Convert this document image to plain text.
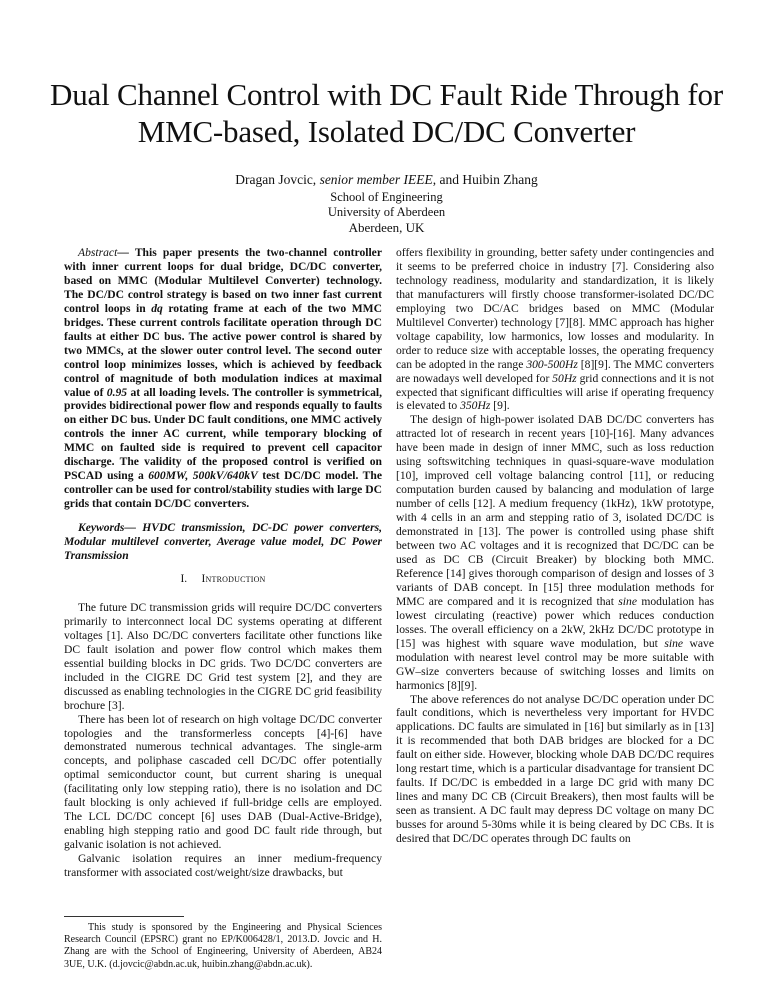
Dual Channel Control with DC Fault Ride Through for MMC-based, Isolated DC/DC Converter
Dragan Jovcic, senior member IEEE, and Huibin Zhang
School of Engineering
University of Aberdeen
Aberdeen, UK

Abstract— This paper presents the two-channel controller with inner current loops for dual bridge, DC/DC converter, based on MMC (Modular Multilevel Converter) technology. The DC/DC control strategy is based on two inner fast current control loops in dq rotating frame at each of the two MMC bridges. These current controls facilitate operation through DC faults at either DC bus. The active power control is shared by two MMCs, at the slower outer control level. The second outer control loop minimizes losses, which is achieved by feedback control of magnitude of both modulation indices at maximal value of 0.95 at all loading levels. The controller is symmetrical, provides bidirectional power flow and responds equally to faults on either DC bus. Under DC fault conditions, one MMC actively controls the inner AC current, while temporary blocking of MMC on faulted side is required to prevent cell capacitor discharge. The validity of the proposed control is verified on PSCAD using a 600MW, 500kV/640kV test DC/DC model. The controller can be used for control/stability studies with large DC grids that contain DC/DC converters.

Keywords— HVDC transmission, DC-DC power converters, Modular multilevel converter, Average value model, DC Power Transmission

I. Introduction

The future DC transmission grids will require DC/DC converters primarily to interconnect local DC systems operating at different voltages [1]. Also DC/DC converters facilitate other functions like DC fault isolation and power flow control which makes them essential building blocks in DC grids. Two DC/DC converters are included in the CIGRE DC Grid test system [2], and they are discussed as enabling technologies in the CIGRE DC grid feasibility brochure [3].

There has been lot of research on high voltage DC/DC converter topologies and the transformerless concepts [4]-[6] have demonstrated numerous technical advantages. The single-arm concepts, and poliphase cascaded cell DC/DC offer potentially optimal semiconductor count, but current sharing is unequal (facilitating only low stepping ratio), there is no isolation and DC fault blocking is only achieved if full-bridge cells are employed. The LCL DC/DC concept [6] uses DAB (Dual-Active-Bridge), enabling high stepping ratio and good DC fault ride through, but galvanic isolation is not achieved.

Galvanic isolation requires an inner medium-frequency transformer with associated cost/weight/size drawbacks, but

offers flexibility in grounding, better safety under contingencies and it seems to be preferred choice in industry [7]. Considering also technology readiness, modularity and standardization, it is likely that manufacturers will firstly choose transformer-isolated DC/DC employing two DC/AC bridges based on MMC (Modular Multilevel Converter) technology [7][8]. MMC approach has higher voltage capability, low harmonics, low losses and modularity. In order to reduce size with acceptable losses, the operating frequency can be adopted in the range 300-500Hz [8][9]. The MMC converters are nowadays well developed for 50Hz grid connections and it is not expected that significant difficulties will arise if operating frequency is elevated to 350Hz [9].

The design of high-power isolated DAB DC/DC converters has attracted lot of research in recent years [10]-[16]. Many advances have been made in design of inner MMC, such as loss reduction using softswitching techniques in quasi-square-wave modulation [10], improved cell voltage balancing control [11], or reducing computation burden caused by balancing and modulation of large number of cells [12]. A medium frequency (1kHz), 1kW prototype, with 4 cells in an arm and stepping ratio of 3, isolated DC/DC is demonstrated in [13]. The power is controlled using phase shift between two AC voltages and it is recognized that DC/DC can be used as DC CB (Circuit Breaker) by blocking both MMC. Reference [14] gives thorough comparison of design and losses of 3 variants of DAB concept. In [15] three modulation methods for MMC are compared and it is recognized that sine modulation has lowest circulating (reactive) power which reduces conduction losses. The overall efficiency on a 2kW, 2kHz DC/DC prototype in [15] was highest with square wave modulation, but sine wave modulation with nearest level control may be more suitable with GW–size converters because of switching losses and limits on harmonics [8][9].

The above references do not analyse DC/DC operation under DC fault conditions, which is nevertheless very important for HVDC applications. DC faults are simulated in [16] but similarly as in [13] it is recommended that both DAB bridges are blocked for a DC fault on either side. However, blocking whole DAB DC/DC requires long restart time, which is a particular disadvantage for transient DC faults. If DC/DC is embedded in a large DC grid with many DC lines and many DC CB (Circuit Breakers), then most faults will be seen as transient. A DC fault may depress DC voltage on many DC busses for around 5-30ms while it is being cleared by DC CBs. It is desired that DC/DC operates through DC faults on

This study is sponsored by the Engineering and Physical Sciences Research Council (EPSRC) grant no EP/K006428/1, 2013.D. Jovcic and H. Zhang are with the School of Engineering, University of Aberdeen, AB24 3UE, U.K. (d.jovcic@abdn.ac.uk, huibin.zhang@abdn.ac.uk).
